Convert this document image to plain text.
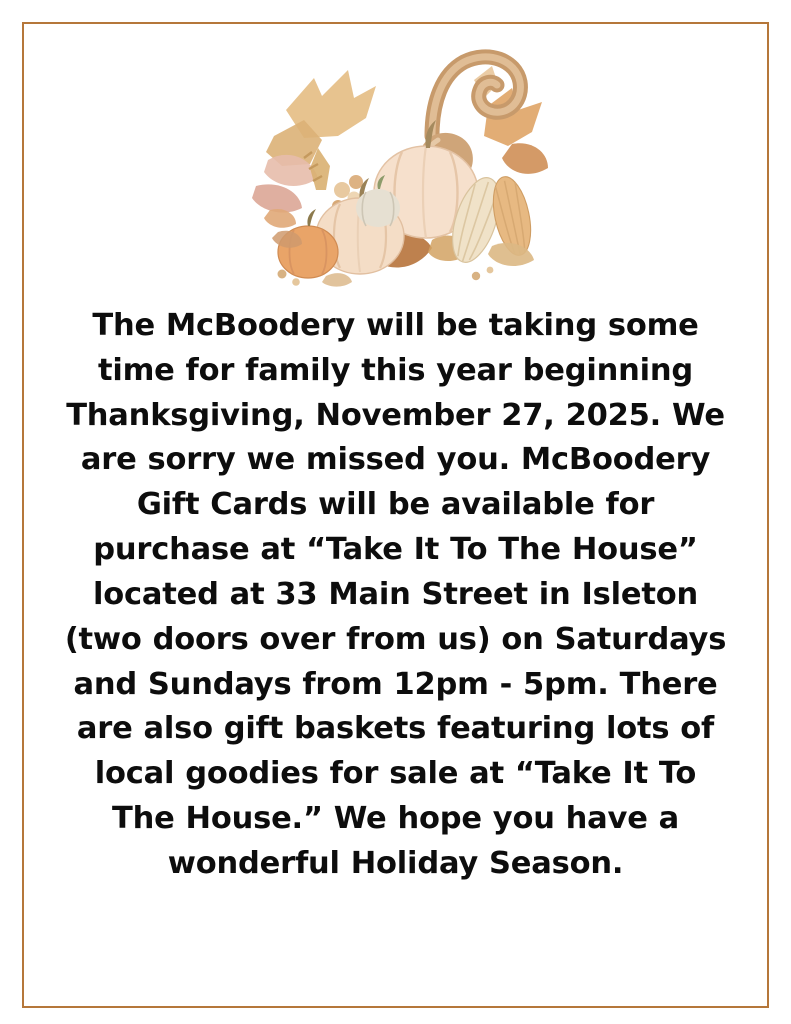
The McBoodery will be taking some time for family this year beginning Thanksgiving, November 27, 2025. We are sorry we missed you. McBoodery Gift Cards will be available for purchase at “Take It To The House” located at 33 Main Street in Isleton (two doors over from us) on Saturdays and Sundays from 12pm - 5pm. There are also gift baskets featuring lots of local goodies for sale at “Take It To The House.” We hope you have a wonderful Holiday Season.
